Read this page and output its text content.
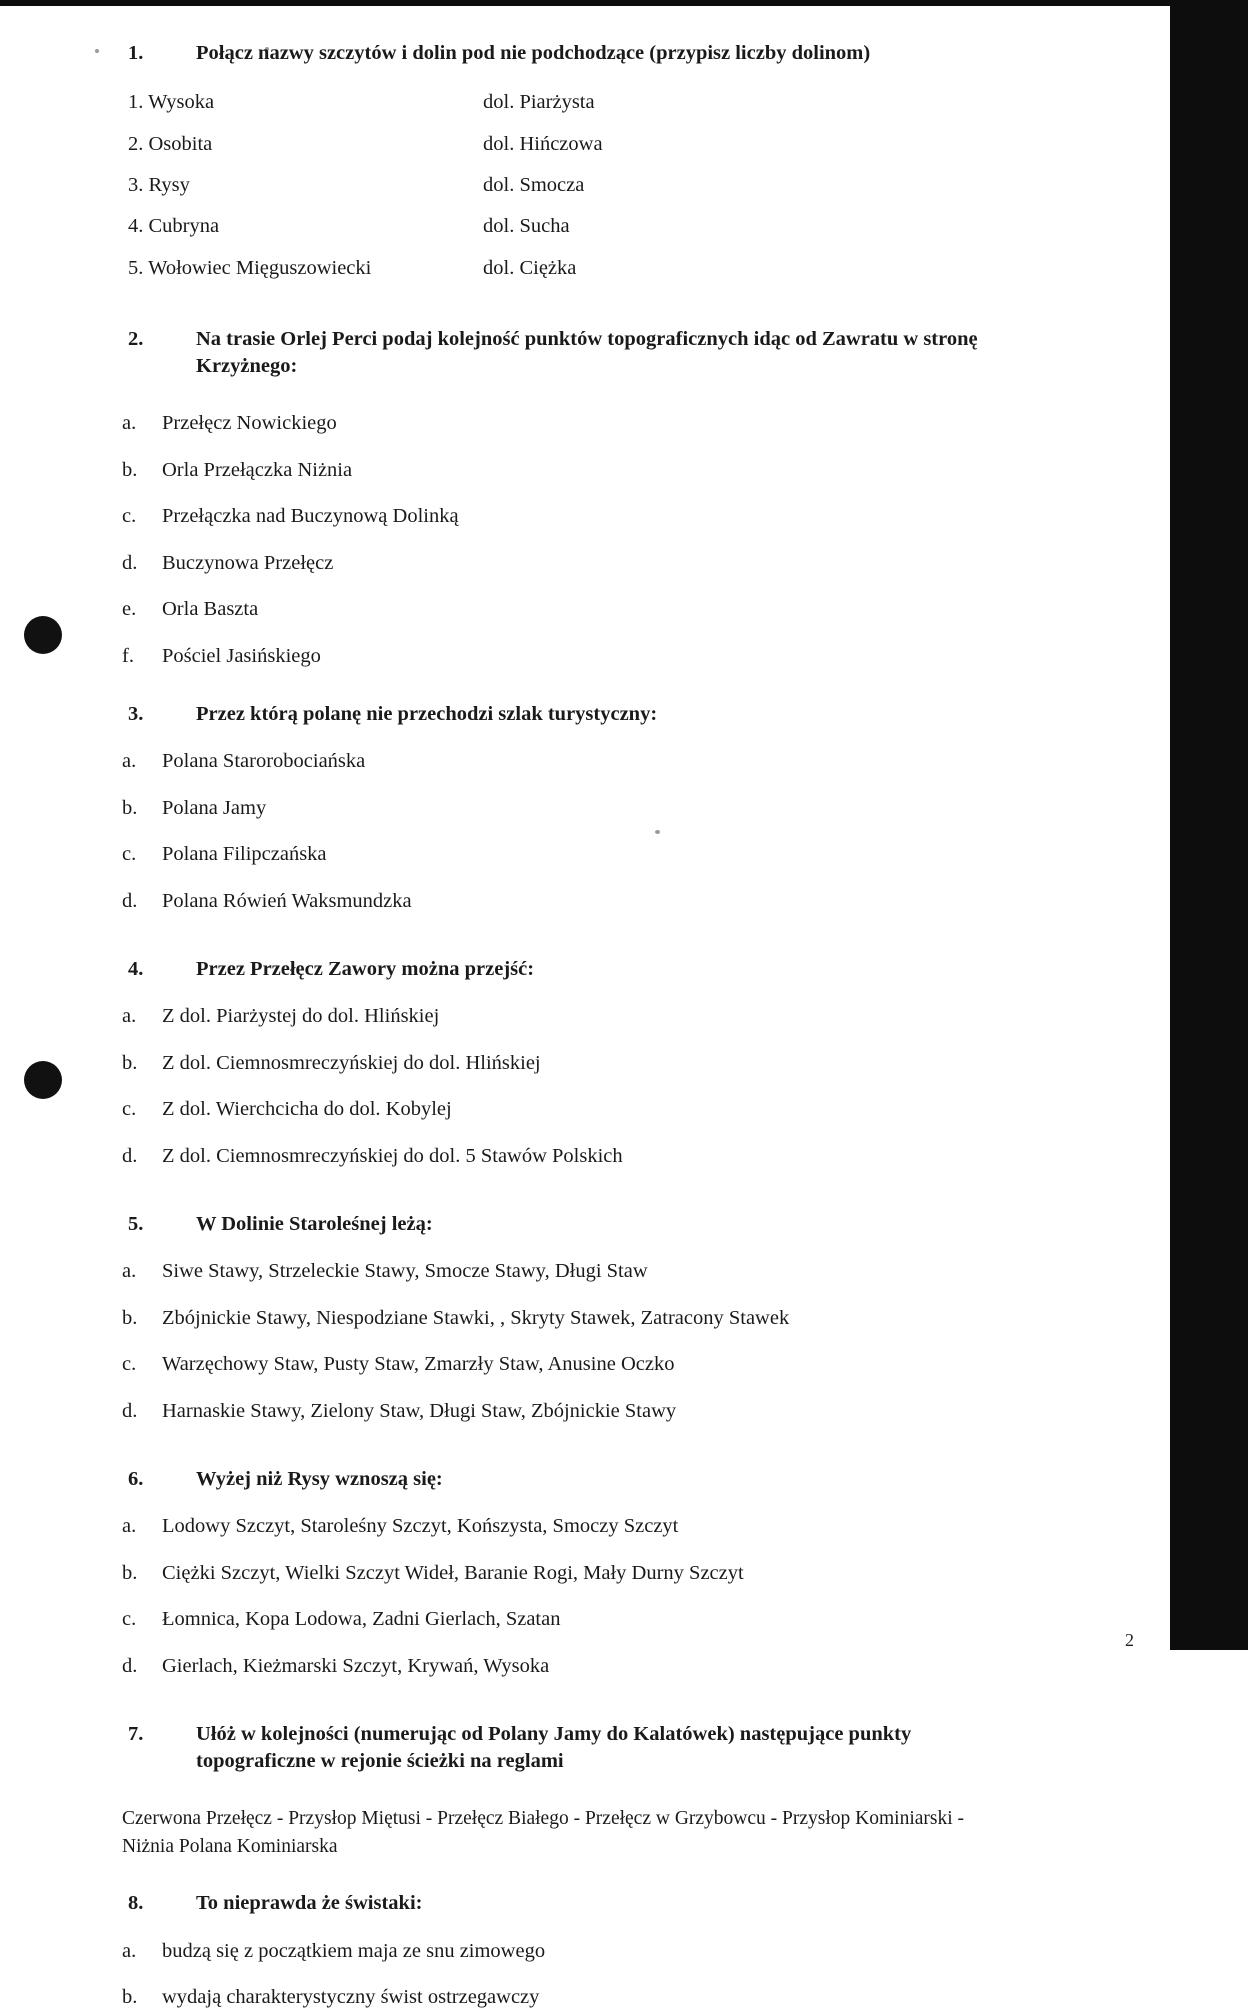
1.	Połącz nazwy szczytów i dolin pod nie podchodzące (przypisz liczby dolinom)
1. Wysoka	dol. Piarżysta
2. Osobita	dol. Hińczowa
3. Rysy	dol. Smocza
4. Cubryna	dol. Sucha
5. Wołowiec Mięguszowiecki	dol. Ciężka
2.	Na trasie Orlej Perci podaj kolejność punktów topograficznych idąc od Zawratu w stronę Krzyżnego:
a.	Przełęcz Nowickiego
b.	Orla Przełączka Niżnia
c.	Przełączka nad Buczynową Dolinką
d.	Buczynowa Przełęcz
e.	Orla Baszta
f.	Pościel Jasińskiego
3.	Przez którą polanę nie przechodzi szlak turystyczny:
a.	Polana Starorobociańska
b.	Polana Jamy
c.	Polana Filipczańska
d.	Polana Rówień Waksmundzka
4.	Przez Przełęcz Zawory można przejść:
a.	Z dol. Piarżystej do dol. Hlińskiej
b.	Z dol. Ciemnosmreczyńskiej do dol. Hlińskiej
c.	Z dol. Wierchcicha do dol. Kobylej
d.	Z dol. Ciemnosmreczyńskiej do dol. 5 Stawów Polskich
5.	W Dolinie Staroleśnej leżą:
a.	Siwe Stawy, Strzeleckie Stawy, Smocze Stawy, Długi Staw
b.	Zbójnickie Stawy, Niespodziane Stawki, , Skryty Stawek, Zatracony Stawek
c.	Warzęchowy Staw, Pusty Staw, Zmarzły Staw, Anusine Oczko
d.	Harnaskie Stawy, Zielony Staw, Długi Staw, Zbójnickie Stawy
6.	Wyżej niż Rysy wznoszą się:
a.	Lodowy Szczyt, Staroleśny Szczyt, Końszysta, Smoczy Szczyt
b.	Ciężki Szczyt, Wielki Szczyt Wideł, Baranie Rogi, Mały Durny Szczyt
c.	Łomnica, Kopa Lodowa, Zadni Gierlach, Szatan
d.	Gierlach, Kieżmarski Szczyt, Krywań, Wysoka
7.	Ułóż w kolejności (numerując od Polany Jamy do Kalatówek) następujące punkty topograficzne w rejonie ścieżki na reglami
Czerwona Przełęcz - Przysłop Miętusi - Przełęcz Białego - Przełęcz w Grzybowcu - Przysłop Kominiarski - Niżnia Polana Kominiarska
8.	To nieprawda że świstaki:
a.	budzą się z początkiem maja ze snu zimowego
b.	wydają charakterystyczny świst ostrzegawczy
2
